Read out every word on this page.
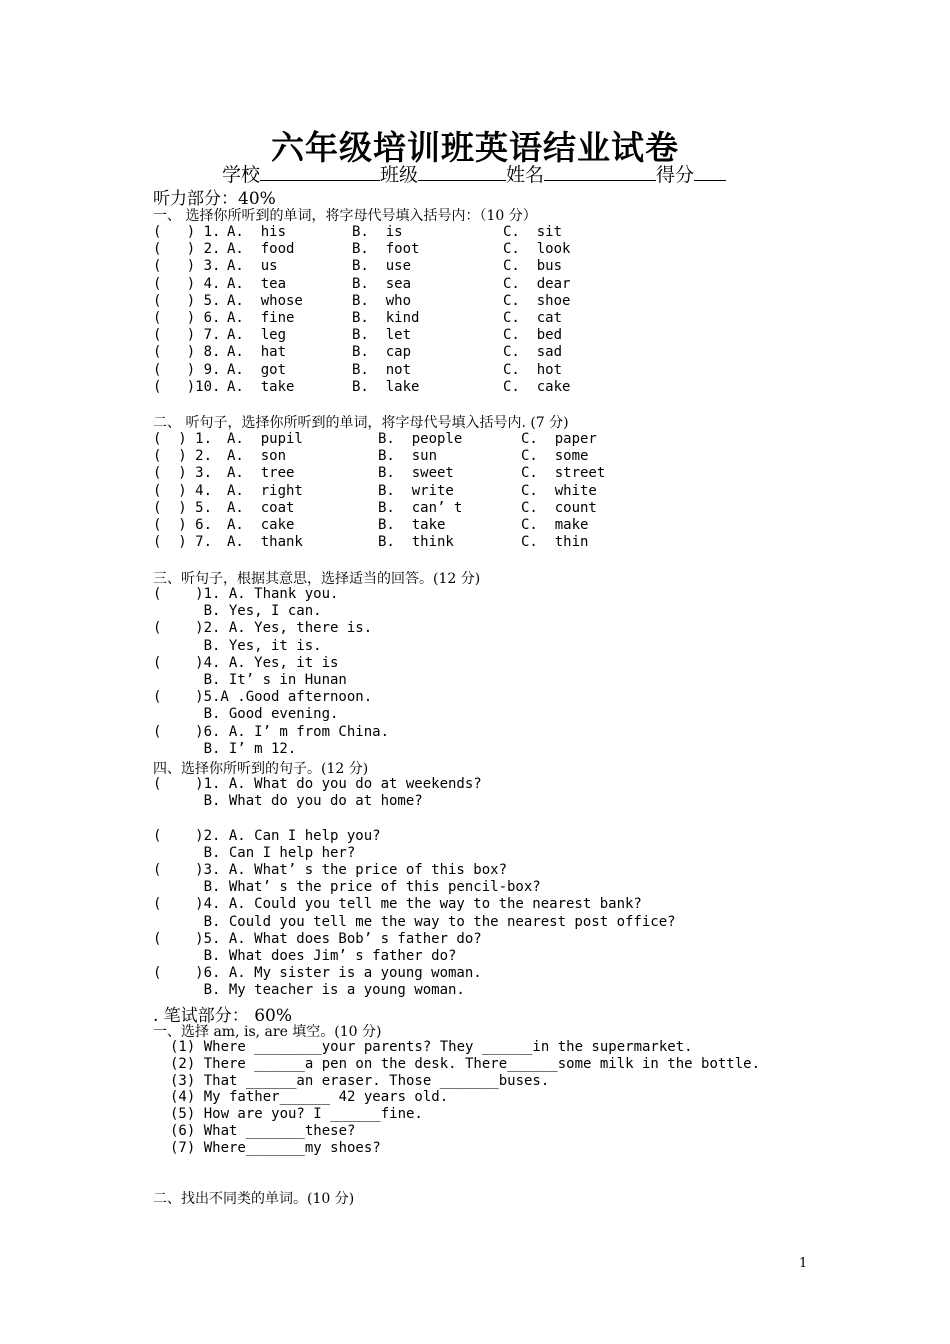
六年级培训班英语结业试卷
学校	班级	姓名	得分
听力部分：40%
一、 选择你所听到的单词，将字母代号填入括号内：（10 分）
(   ) 1. A.  his	B.  is	C.  sit
(   ) 2. A.  food	B.  foot	C.  look
(   ) 3. A.  us	B.  use	C.  bus
(   ) 4. A.  tea	B.  sea	C.  dear
(   ) 5. A.  whose	B.  who	C.  shoe
(   ) 6. A.  fine	B.  kind	C.  cat
(   ) 7. A.  leg	B.  let	C.  bed
(   ) 8. A.  hat	B.  cap	C.  sad
(   ) 9. A.  got	B.  not	C.  hot
(   )10. A.  take	B.  lake	C.  cake
二、 听句子，选择你所听到的单词，将字母代号填入括号内. (7 分)
(  ) 1. A.  pupil	B.  people	C.  paper
(  ) 2. A.  son	B.  sun	C.  some
(  ) 3. A.  tree	B.  sweet	C.  street
(  ) 4. A.  right	B.  write	C.  white
(  ) 5. A.  coat	B.  can’ t	C.  count
(  ) 6. A.  cake	B.  take	C.  make
(  ) 7. A.  thank	B.  think	C.  thin
三、听句子，根据其意思，选择适当的回答。(12 分)
(    )1. A. Thank you.
B. Yes, I can.
(    )2. A. Yes, there is.
B. Yes, it is.
(    )4. A. Yes, it is
B. It’ s in Hunan
(    )5.A .Good afternoon.
B. Good evening.
(    )6. A. I’ m from China.
B. I’ m 12.
四、选择你所听到的句子。(12 分)
(    )1. A. What do you do at weekends?
B. What do you do at home?
(    )2. A. Can I help you?
B. Can I help her?
(    )3. A. What’ s the price of this box?
B. What’ s the price of this pencil-box?
(    )4. A. Could you tell me the way to the nearest bank?
B. Could you tell me the way to the nearest post office?
(    )5. A. What does Bob’ s father do?
B. What does Jim’ s father do?
(    )6. A. My sister is a young woman.
B. My teacher is a young woman.
. 笔试部分： 60%
一、选择 am, is, are 填空。(10 分)
(1) Where ________your parents? They ______in the supermarket.
(2) There ______a pen on the desk. There______some milk in the bottle.
(3) That ______an eraser. Those _______buses.
(4) My father______ 42 years old.
(5) How are you? I ______fine.
(6) What _______these?
(7) Where_______my shoes?
二、找出不同类的单词。(10 分)
1
